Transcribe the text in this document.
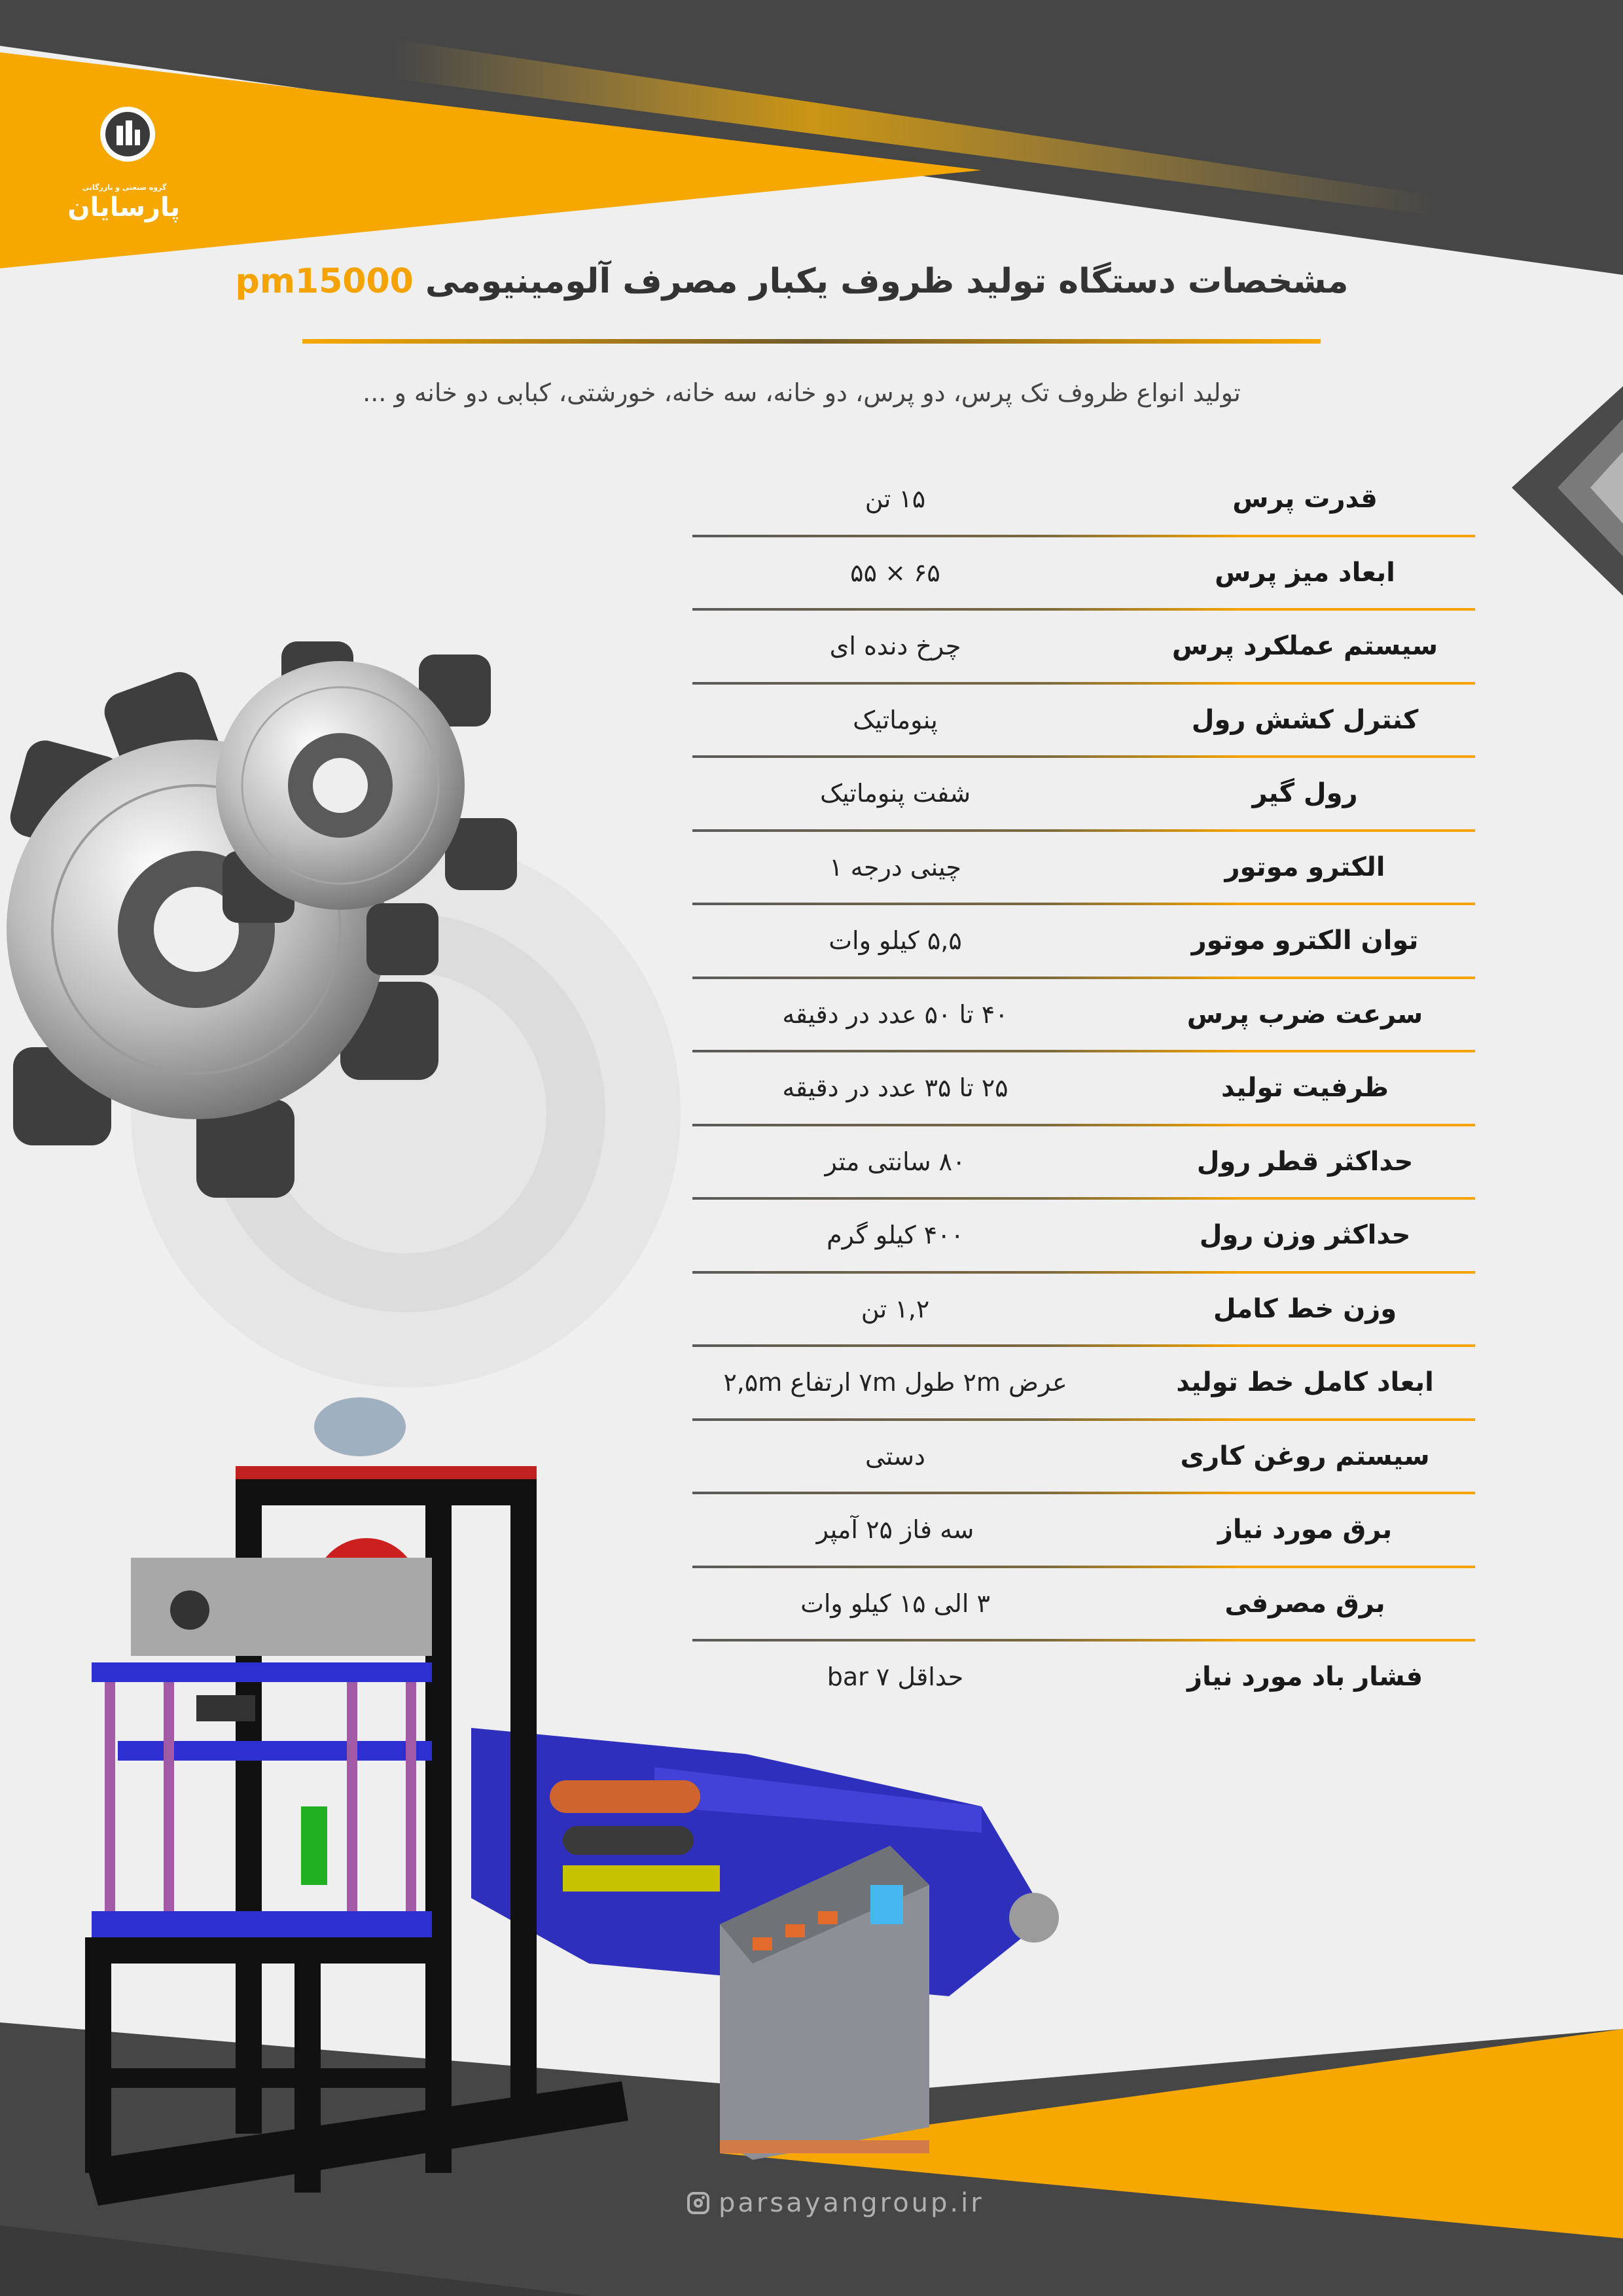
گروه صنعتی و بازرگانی
پارسایان
مشخصات دستگاه تولید ظروف یکبار مصرف آلومینیومی pm15000
تولید انواع ظروف تک پرس، دو پرس، دو خانه، سه خانه، خورشتی، کبابی دو خانه و ...
قدرت پرس
۱۵ تن
ابعاد میز پرس
۶۵ × ۵۵
سیستم عملکرد پرس
چرخ دنده ای
کنترل کشش رول
پنوماتیک
رول گیر
شفت پنوماتیک
الکترو موتور
چینی درجه ۱
توان الکترو موتور
۵,۵ کیلو وات
سرعت ضرب پرس
۴۰ تا ۵۰ عدد در دقیقه
ظرفیت تولید
۲۵ تا ۳۵ عدد در دقیقه
حداکثر قطر رول
۸۰ سانتی متر
حداکثر وزن رول
۴۰۰ کیلو گرم
وزن خط کامل
۱,۲ تن
ابعاد کامل خط تولید
عرض ۲m طول ۷m ارتفاع ۲,۵m
سیستم روغن کاری
دستی
برق مورد نیاز
سه فاز ۲۵ آمپر
برق مصرفی
۳ الی ۱۵ کیلو وات
فشار باد مورد نیاز
حداقل ۷ bar
parsayangroup.ir
